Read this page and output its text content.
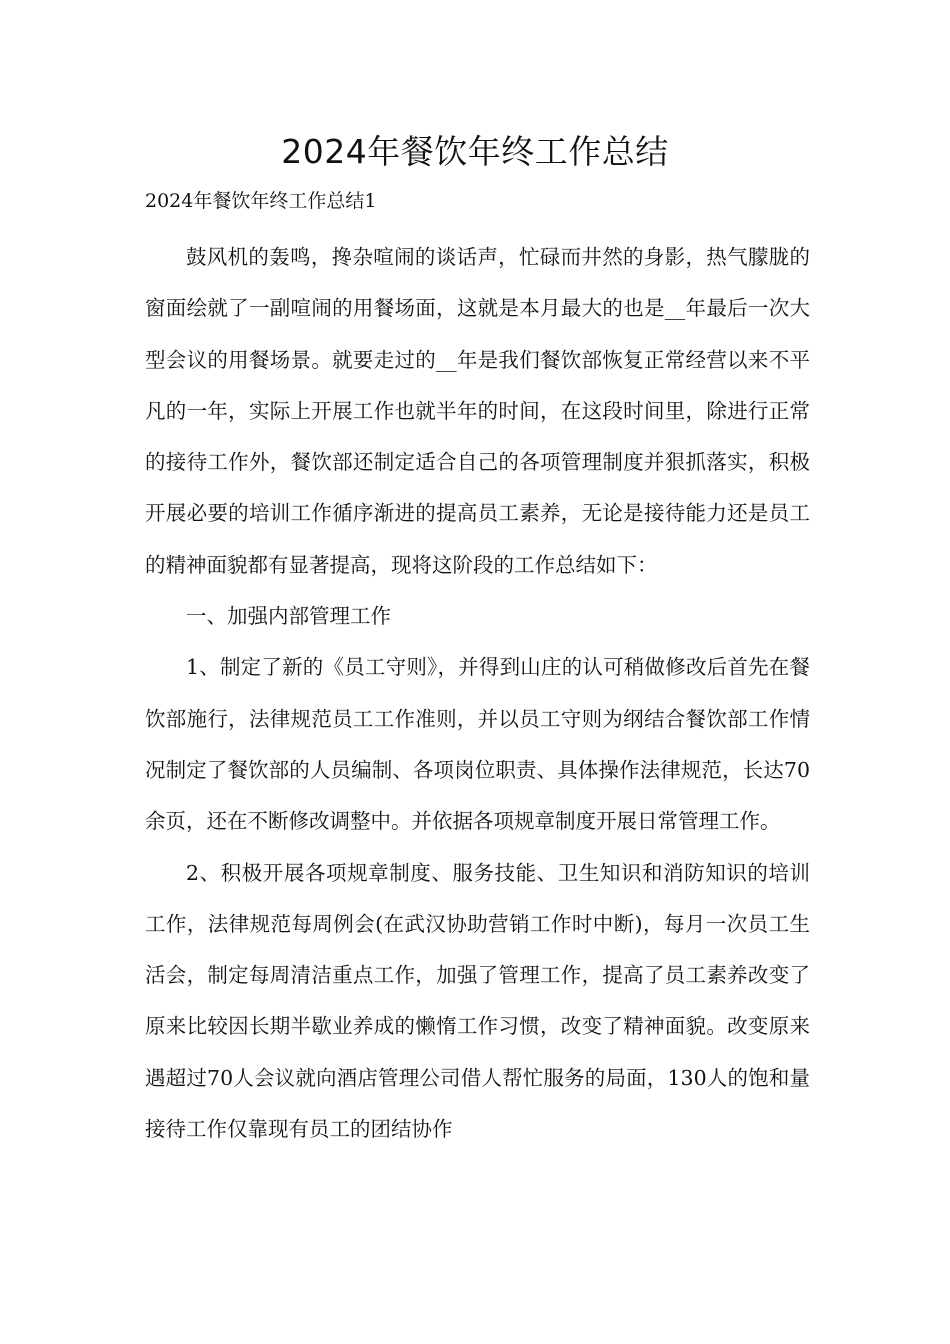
2024年餐饮年终工作总结
2024年餐饮年终工作总结1

鼓风机的轰鸣，搀杂喧闹的谈话声，忙碌而井然的身影，热气朦胧的窗面绘就了一副喧闹的用餐场面，这就是本月最大的也是__年最后一次大型会议的用餐场景。就要走过的__年是我们餐饮部恢复正常经营以来不平凡的一年，实际上开展工作也就半年的时间，在这段时间里，除进行正常的接待工作外，餐饮部还制定适合自己的各项管理制度并狠抓落实，积极开展必要的培训工作循序渐进的提高员工素养，无论是接待能力还是员工的精神面貌都有显著提高，现将这阶段的工作总结如下：

一、加强内部管理工作

1、制定了新的《员工守则》，并得到山庄的认可稍做修改后首先在餐饮部施行，法律规范员工工作准则，并以员工守则为纲结合餐饮部工作情况制定了餐饮部的人员编制、各项岗位职责、具体操作法律规范，长达70余页，还在不断修改调整中。并依据各项规章制度开展日常管理工作。

2、积极开展各项规章制度、服务技能、卫生知识和消防知识的培训工作，法律规范每周例会(在武汉协助营销工作时中断)，每月一次员工生活会，制定每周清洁重点工作，加强了管理工作，提高了员工素养改变了原来比较因长期半歇业养成的懒惰工作习惯，改变了精神面貌。改变原来遇超过70人会议就向酒店管理公司借人帮忙服务的局面，130人的饱和量接待工作仅靠现有员工的团结协作
